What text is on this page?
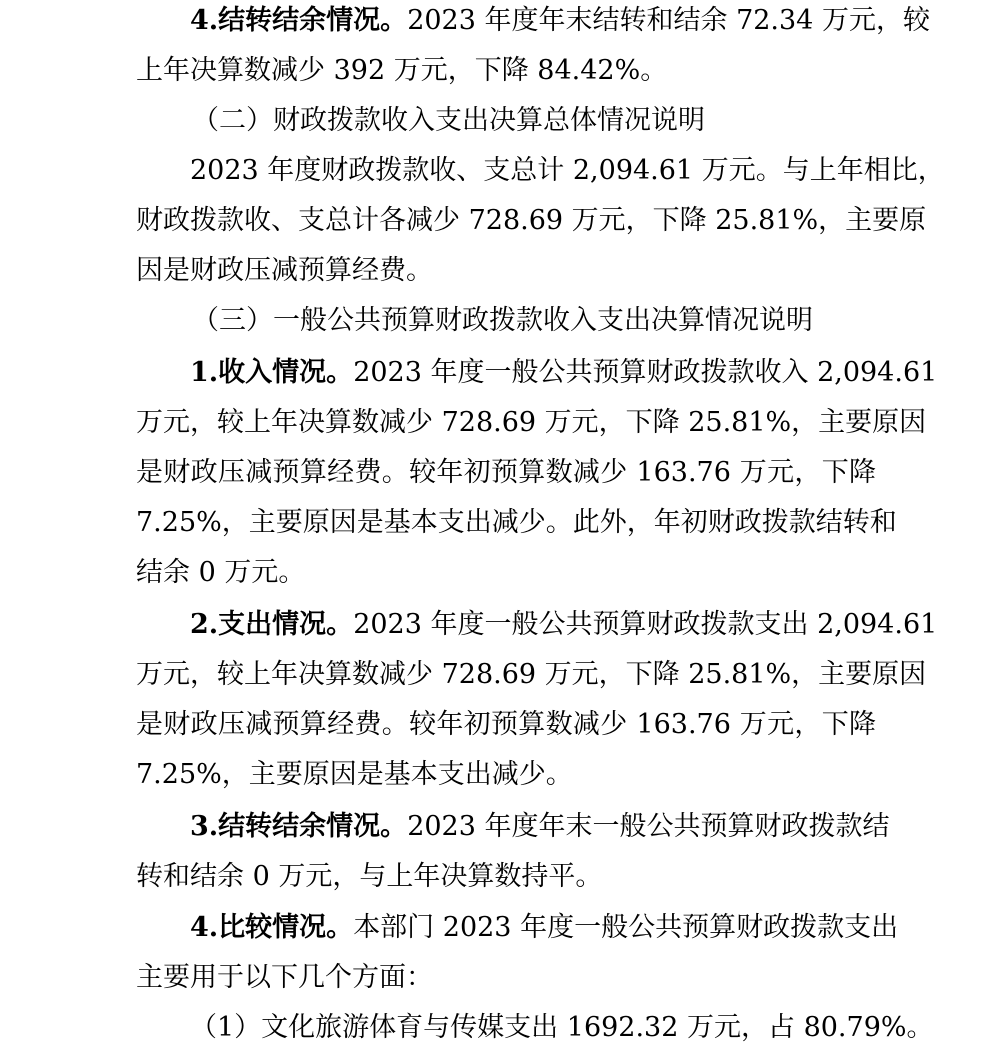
4.结转结余情况。2023 年度年末结转和结余 72.34 万元，较
上年决算数减少 392 万元，下降 84.42%。
（二）财政拨款收入支出决算总体情况说明
2023 年度财政拨款收、支总计 2,094.61 万元。与上年相比，
财政拨款收、支总计各减少 728.69 万元，下降 25.81%，主要原
因是财政压减预算经费。
（三）一般公共预算财政拨款收入支出决算情况说明
1.收入情况。2023 年度一般公共预算财政拨款收入 2,094.61
万元，较上年决算数减少 728.69 万元，下降 25.81%，主要原因
是财政压减预算经费。较年初预算数减少 163.76 万元，下降
7.25%，主要原因是基本支出减少。此外，年初财政拨款结转和
结余 0 万元。
2.支出情况。2023 年度一般公共预算财政拨款支出 2,094.61
万元，较上年决算数减少 728.69 万元，下降 25.81%，主要原因
是财政压减预算经费。较年初预算数减少 163.76 万元，下降
7.25%，主要原因是基本支出减少。
3.结转结余情况。2023 年度年末一般公共预算财政拨款结
转和结余 0 万元，与上年决算数持平。
4.比较情况。本部门 2023 年度一般公共预算财政拨款支出
主要用于以下几个方面：
（1）文化旅游体育与传媒支出 1692.32 万元，占 80.79%。
